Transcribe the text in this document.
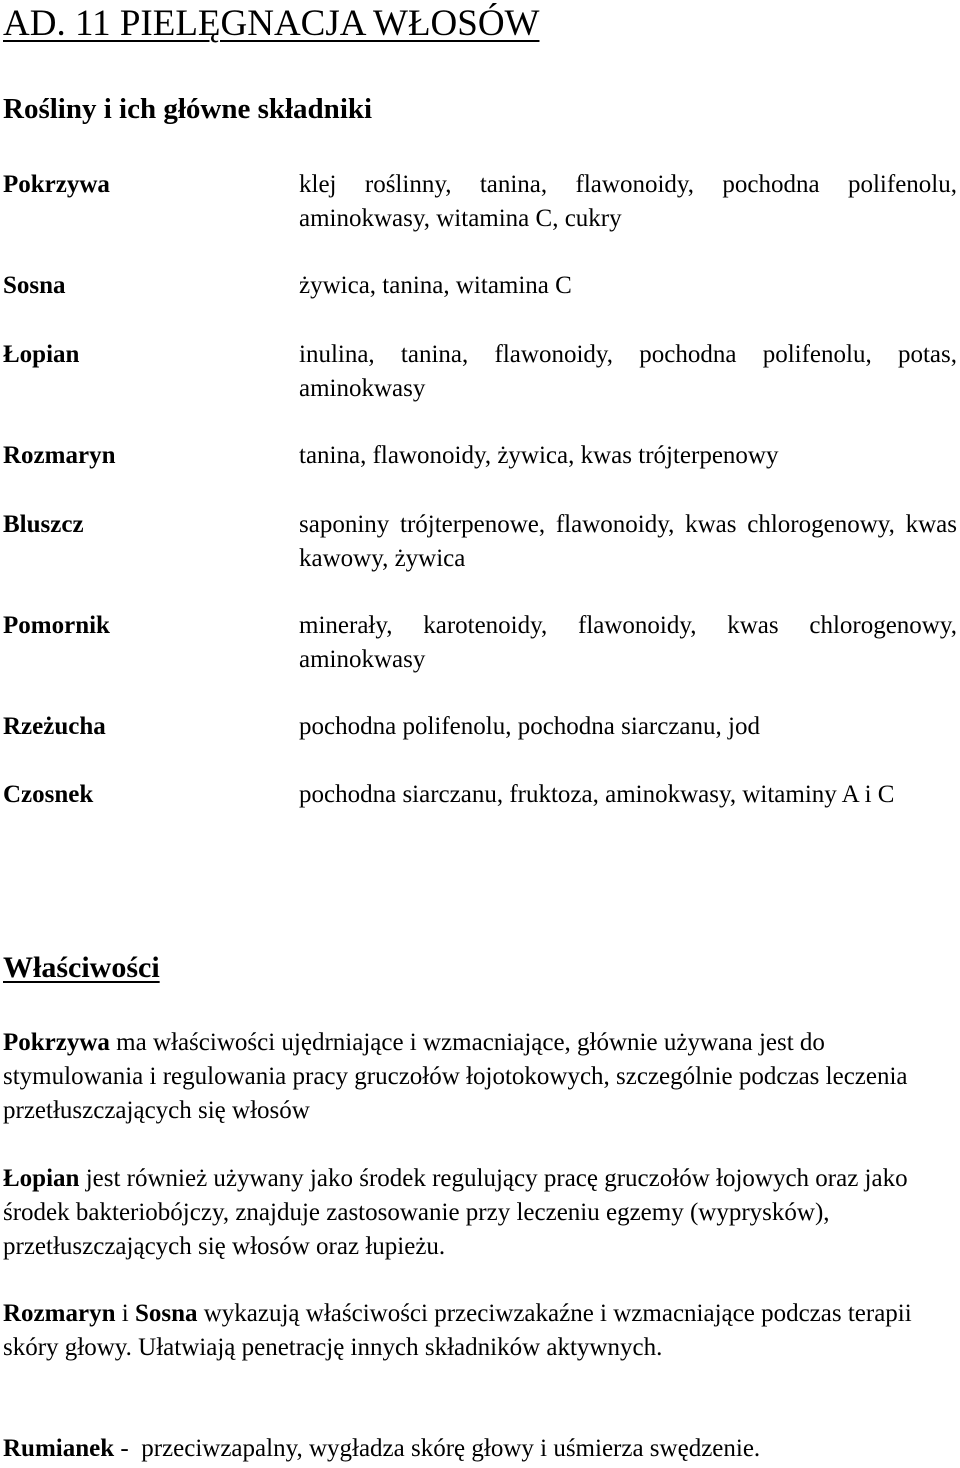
AD. 11 PIELĘGNACJA WŁOSÓW
Rośliny i ich główne składniki
Pokrzywa	klej roślinny, tanina, flawonoidy, pochodna polifenolu, aminokwasy, witamina C, cukry

Sosna	żywica, tanina, witamina C

Łopian	inulina, tanina, flawonoidy, pochodna polifenolu, potas, aminokwasy

Rozmaryn	tanina, flawonoidy, żywica, kwas trójterpenowy

Bluszcz	saponiny trójterpenowe, flawonoidy, kwas chlorogenowy, kwas kawowy, żywica

Pomornik	minerały, karotenoidy, flawonoidy, kwas chlorogenowy, aminokwasy

Rzeżucha	pochodna polifenolu, pochodna siarczanu, jod

Czosnek	pochodna siarczanu, fruktoza, aminokwasy, witaminy A i C

Właściwości

Pokrzywa ma właściwości ujędrniające i wzmacniające, głównie używana jest do stymulowania i regulowania pracy gruczołów łojotokowych, szczególnie podczas leczenia przetłuszczających się włosów

Łopian jest również używany jako środek regulujący pracę gruczołów łojowych oraz jako środek bakteriobójczy, znajduje zastosowanie przy leczeniu egzemy (wyprysków), przetłuszczających się włosów oraz łupieżu.

Rozmaryn i Sosna wykazują właściwości przeciwzakaźne i wzmacniające podczas terapii skóry głowy. Ułatwiają penetrację innych składników aktywnych.

Rumianek -  przeciwzapalny, wygładza skórę głowy i uśmierza swędzenie.
